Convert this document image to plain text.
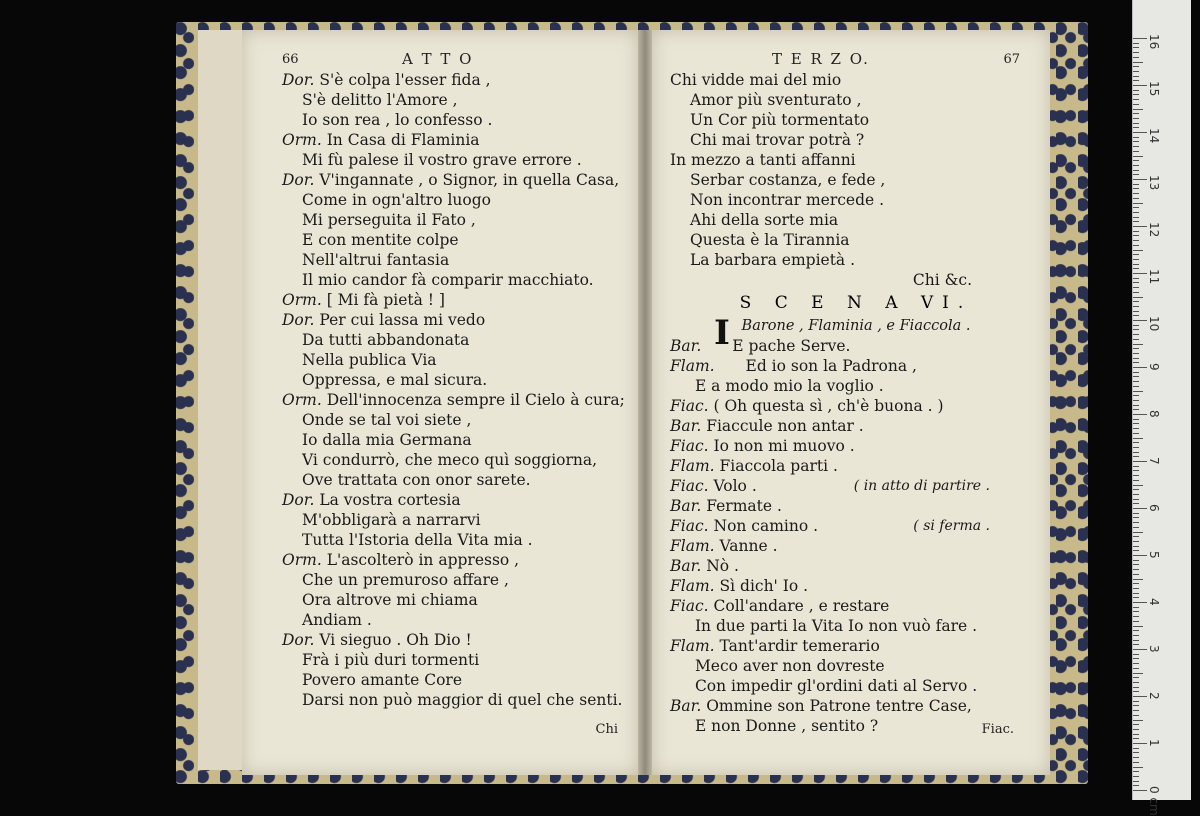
66	A T T O
Dor. S'è colpa l'esser fida ,
S'è delitto l'Amore ,
Io son rea , lo confesso .
Orm. In Casa di Flaminia
Mi fù palese il vostro grave errore .
Dor. V'ingannate , o Signor, in quella Casa,
Come in ogn'altro luogo
Mi perseguita il Fato ,
E con mentite colpe
Nell'altrui fantasia
Il mio candor fà comparir macchiato.
Orm. [ Mi fà pietà ! ]
Dor. Per cui lassa mi vedo
Da tutti abbandonata
Nella publica Via
Oppressa, e mal sicura.
Orm. Dell'innocenza sempre il Cielo à cura;
Onde se tal voi siete ,
Io dalla mia Germana
Vi condurrò, che meco quì soggiorna,
Ove trattata con onor sarete.
Dor. La vostra cortesia
M'obbligarà a narrarvi
Tutta l'Istoria della Vita mia .
Orm. L'ascolterò in appresso ,
Che un premuroso affare ,
Ora altrove mi chiama
Andiam .
Dor. Vi sieguo . Oh Dio !
Frà i più duri tormenti
Povero amante Core
Darsi non può maggior di quel che senti.
Chi
T E R Z O.	67
Chi vidde mai del mio
Amor più sventurato ,
Un Cor più tormentato
Chi mai trovar potrà ?
In mezzo a tanti affanni
Serbar costanza, e fede ,
Non incontrar mercede .
Ahi della sorte mia
Questa è la Tirannia
La barbara empietà .
Chi &c.
S C E N A VI.
Barone , Flaminia , e Fiaccola .
Bar. E pache Serve.
Flam. Ed io son la Padrona ,
E a modo mio la voglio .
Fiac. ( Oh questa sì , ch'è buona . )
Bar. Fiaccule non antar .
Fiac. Io non mi muovo .
Flam. Fiaccola parti .
Fiac. Volo .	( in atto di partire .
Bar. Fermate .
Fiac. Non camino .	( si ferma .
Flam. Vanne .
Bar. Nò .
Flam. Sì dich' Io .
Fiac. Coll'andare , e restare
In due parti la Vita Io non vuò fare .
Flam. Tant'ardir temerario
Meco aver non dovreste
Con impedir gl'ordini dati al Servo .
Bar. Ommine son Patrone tentre Case,
E non Donne , sentito ?	Fiac.
I
0 cm
1
2
3
4
5
6
7
8
9
10
11
12
13
14
15
16
